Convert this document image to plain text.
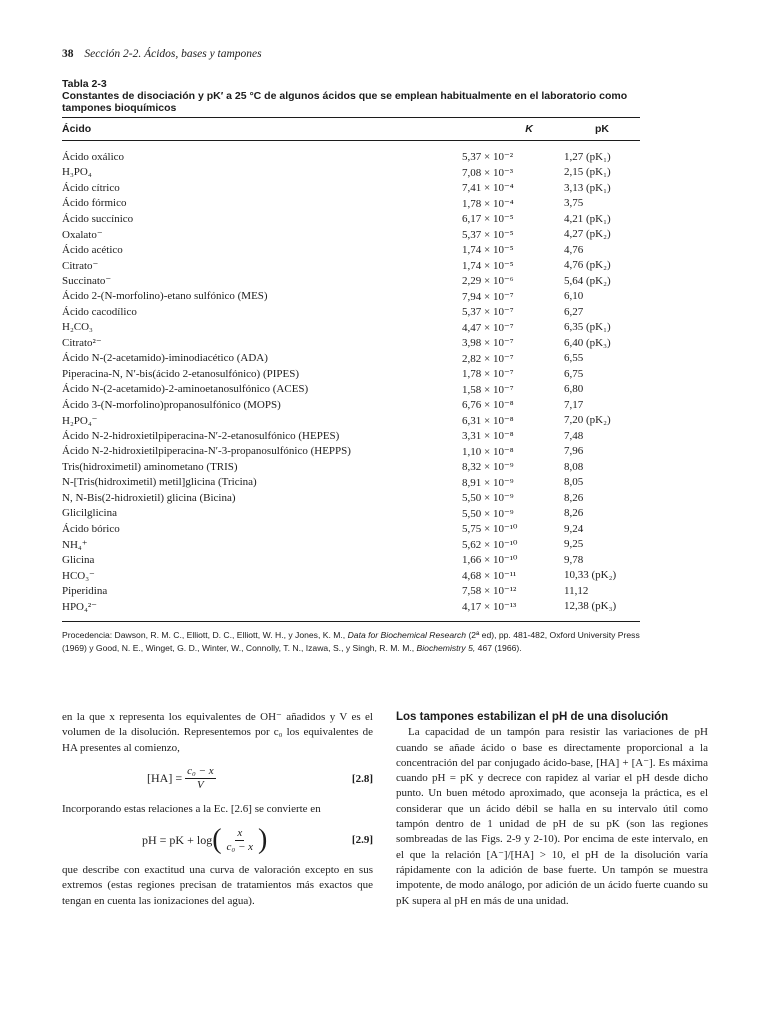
38 Sección 2-2. Ácidos, bases y tampones
Tabla 2-3
Constantes de disociación y pK′ a 25 °C de algunos ácidos que se emplean habitualmente en el laboratorio como tampones bioquímicos
Ácido	K	pK
Ácido oxálico	5,37 × 10⁻²	1,27 (pK₁)
H₃PO₄	7,08 × 10⁻³	2,15 (pK₁)
Ácido cítrico	7,41 × 10⁻⁴	3,13 (pK₁)
Ácido fórmico	1,78 × 10⁻⁴	3,75
Ácido succínico	6,17 × 10⁻⁵	4,21 (pK₁)
Oxalato⁻	5,37 × 10⁻⁵	4,27 (pK₂)
Ácido acético	1,74 × 10⁻⁵	4,76
Citrato⁻	1,74 × 10⁻⁵	4,76 (pK₂)
Succinato⁻	2,29 × 10⁻⁶	5,64 (pK₂)
Ácido 2-(N-morfolino)-etano sulfónico (MES)	7,94 × 10⁻⁷	6,10
Ácido cacodílico	5,37 × 10⁻⁷	6,27
H₂CO₃	4,47 × 10⁻⁷	6,35 (pK₁)
Citrato²⁻	3,98 × 10⁻⁷	6,40 (pK₃)
Ácido N-(2-acetamido)-iminodiacético (ADA)	2,82 × 10⁻⁷	6,55
Piperacina-N, N′-bis(ácido 2-etanosulfónico) (PIPES)	1,78 × 10⁻⁷	6,75
Ácido N-(2-acetamido)-2-aminoetanosulfónico (ACES)	1,58 × 10⁻⁷	6,80
Ácido 3-(N-morfolino)propanosulfónico (MOPS)	6,76 × 10⁻⁸	7,17
H₂PO₄⁻	6,31 × 10⁻⁸	7,20 (pK₂)
Ácido N-2-hidroxietilpiperacina-N′-2-etanosulfónico (HEPES)	3,31 × 10⁻⁸	7,48
Ácido N-2-hidroxietilpiperacina-N′-3-propanosulfónico (HEPPS)	1,10 × 10⁻⁸	7,96
Tris(hidroximetil) aminometano (TRIS)	8,32 × 10⁻⁹	8,08
N-[Tris(hidroximetil) metil]glicina (Tricina)	8,91 × 10⁻⁹	8,05
N, N-Bis(2-hidroxietil) glicina (Bicina)	5,50 × 10⁻⁹	8,26
Glicilglicina	5,50 × 10⁻⁹	8,26
Ácido bórico	5,75 × 10⁻¹⁰	9,24
NH₄⁺	5,62 × 10⁻¹⁰	9,25
Glicina	1,66 × 10⁻¹⁰	9,78
HCO₃⁻	4,68 × 10⁻¹¹	10,33 (pK₂)
Piperidina	7,58 × 10⁻¹²	11,12
HPO₄²⁻	4,17 × 10⁻¹³	12,38 (pK₃)
Procedencia: Dawson, R. M. C., Elliott, D. C., Elliott, W. H., y Jones, K. M., Data for Biochemical Research (2ª ed), pp. 481-482, Oxford University Press (1969) y Good, N. E., Winget, G. D., Winter, W., Connolly, T. N., Izawa, S., y Singh, R. M. M., Biochemistry 5, 467 (1966).

en la que x representa los equivalentes de OH⁻ añadidos y V es el volumen de la disolución. Representemos por c₀ los equivalentes de HA presentes al comienzo,

$[HA] = \frac{\text{c₀ − x}}{V}$	[2.8]

Incorporando estas relaciones a la Ec. [2.6] se convierte en

pH = pK + log ( $\frac{x}{\text{c₀ − x}}$ )	[2.9]

que describe con exactitud una curva de valoración excepto en sus extremos (estas regiones precisan de tratamientos más exactos que tengan en cuenta las ionizaciones del agua).

Los tampones estabilizan el pH de una disolución

La capacidad de un tampón para resistir las variaciones de pH cuando se añade ácido o base es directamente proporcional a la concentración del par conjugado ácido-base, [HA] + [A⁻]. Es máxima cuando pH = pK y decrece con rapidez al variar el pH desde dicho punto. Un buen método aproximado, que aconseja la práctica, es el considerar que un ácido débil se halla en su intervalo útil como tampón dentro de 1 unidad de pH de su pK (son las regiones sombreadas de las Figs. 2-9 y 2-10). Por encima de este intervalo, en el que la relación [A⁻]/[HA] > 10, el pH de la disolución varía rápidamente con la adición de base fuerte. Un tampón se muestra impotente, de modo análogo, por adición de un ácido fuerte cuando su pK supera al pH en más de una unidad.
